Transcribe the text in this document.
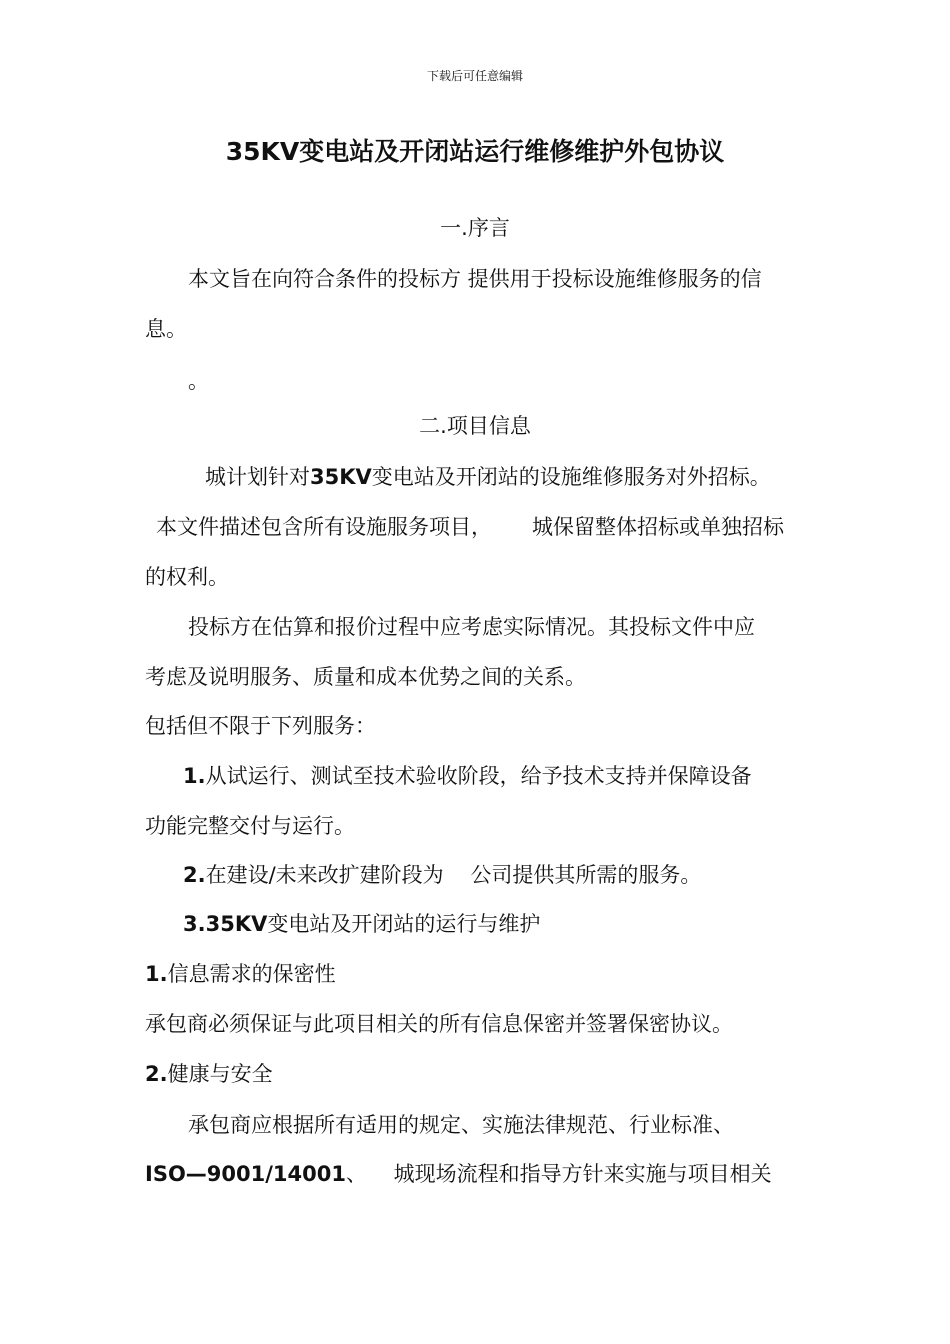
下载后可任意编辑
35KV变电站及开闭站运行维修维护外包协议
一.序言
本文旨在向符合条件的投标方 提供用于投标设施维修服务的信
息。
。
二.项目信息
城计划针对35KV变电站及开闭站的设施维修服务对外招标。
本文件描述包含所有设施服务项目，      城保留整体招标或单独招标
的权利。
投标方在估算和报价过程中应考虑实际情况。其投标文件中应
考虑及说明服务、质量和成本优势之间的关系。
包括但不限于下列服务：
1.从试运行、测试至技术验收阶段，给予技术支持并保障设备
功能完整交付与运行。
2.在建设/未来改扩建阶段为    公司提供其所需的服务。
3.35KV变电站及开闭站的运行与维护
1.信息需求的保密性
承包商必须保证与此项目相关的所有信息保密并签署保密协议。
2.健康与安全
承包商应根据所有适用的规定、实施法律规范、行业标准、
ISO—9001/14001、    城现场流程和指导方针来实施与项目相关
